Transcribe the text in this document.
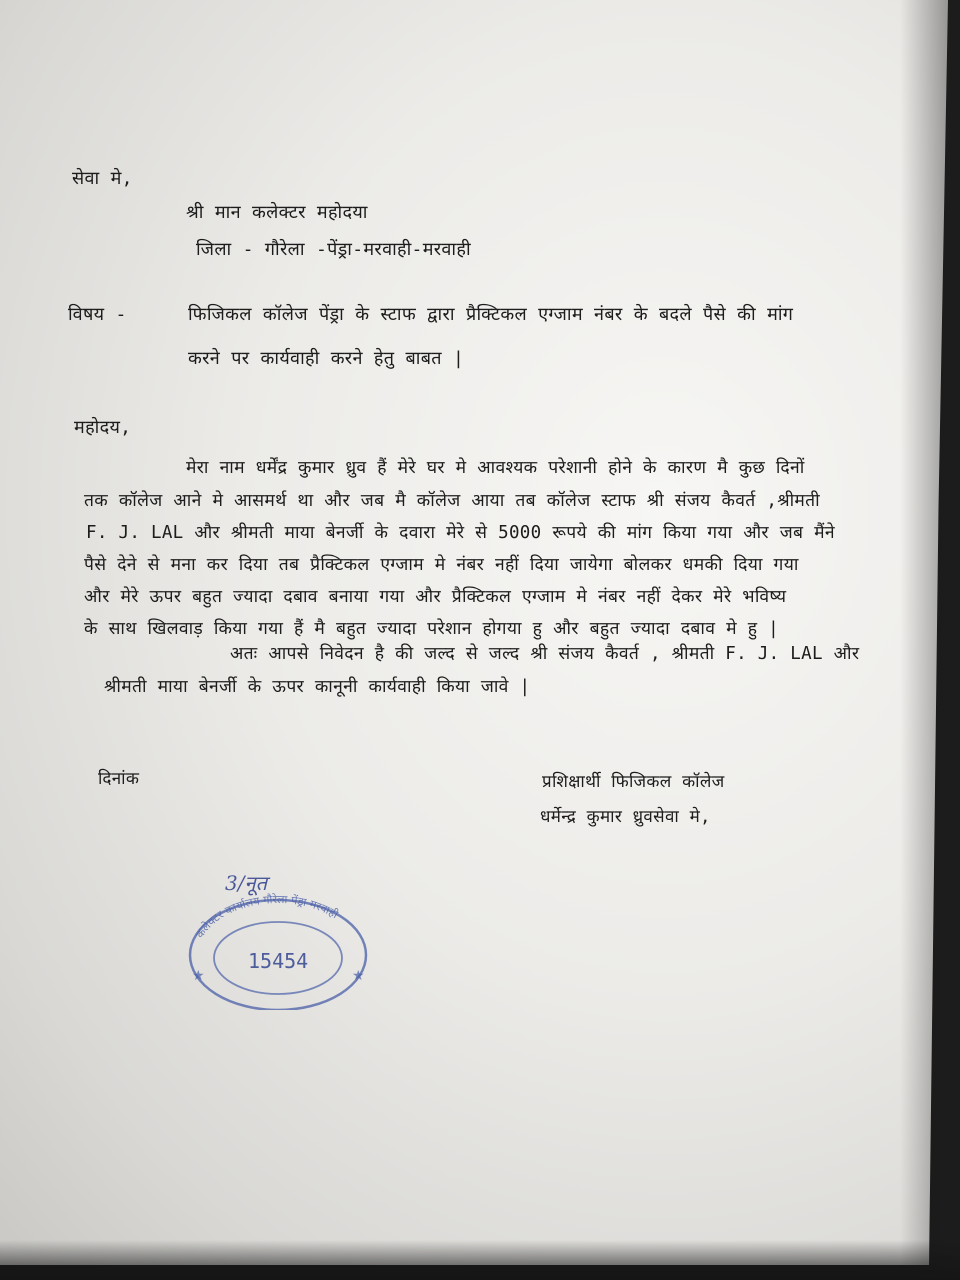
सेवा मे,
श्री मान कलेक्टर महोदया
जिला - गौरेला -पेंड्रा-मरवाही-मरवाही
विषय -	फिजिकल कॉलेज पेंड्रा के स्टाफ द्वारा प्रैक्टिकल एग्जाम नंबर के बदले पैसे की मांग
करने पर कार्यवाही करने हेतु बाबत |
महोदय,
मेरा नाम धर्मेंद्र कुमार ध्रुव हैं मेरे घर मे आवश्यक परेशानी होने के कारण मै कुछ दिनों
तक कॉलेज आने मे आसमर्थ था और जब मै कॉलेज आया तब कॉलेज स्टाफ श्री संजय कैवर्त ,श्रीमती
F. J. LAL और श्रीमती माया बेनर्जी के दवारा मेरे से 5000 रूपये की मांग किया गया और जब मैंने
पैसे देने से मना कर दिया तब प्रैक्टिकल एग्जाम मे नंबर नहीं दिया जायेगा बोलकर धमकी दिया गया
और मेरे ऊपर बहुत ज्यादा दबाव बनाया गया और प्रैक्टिकल एग्जाम मे नंबर नहीं देकर मेरे भविष्य
के साथ खिलवाड़ किया गया हैं मै बहुत ज्यादा परेशान होगया हु और बहुत ज्यादा दबाव मे हु |
अतः आपसे निवेदन है की जल्द से जल्द श्री संजय कैवर्त , श्रीमती F. J. LAL और
श्रीमती माया बेनर्जी के ऊपर कानूनी कार्यवाही किया जावे |
दिनांक	प्रशिक्षार्थी फिजिकल कॉलेज
धर्मेन्द्र कुमार ध्रुवसेवा मे,
कलेक्टर कार्यालय गौरेला पेंड्रा मरवाही
★	★
15454
3/नूत
